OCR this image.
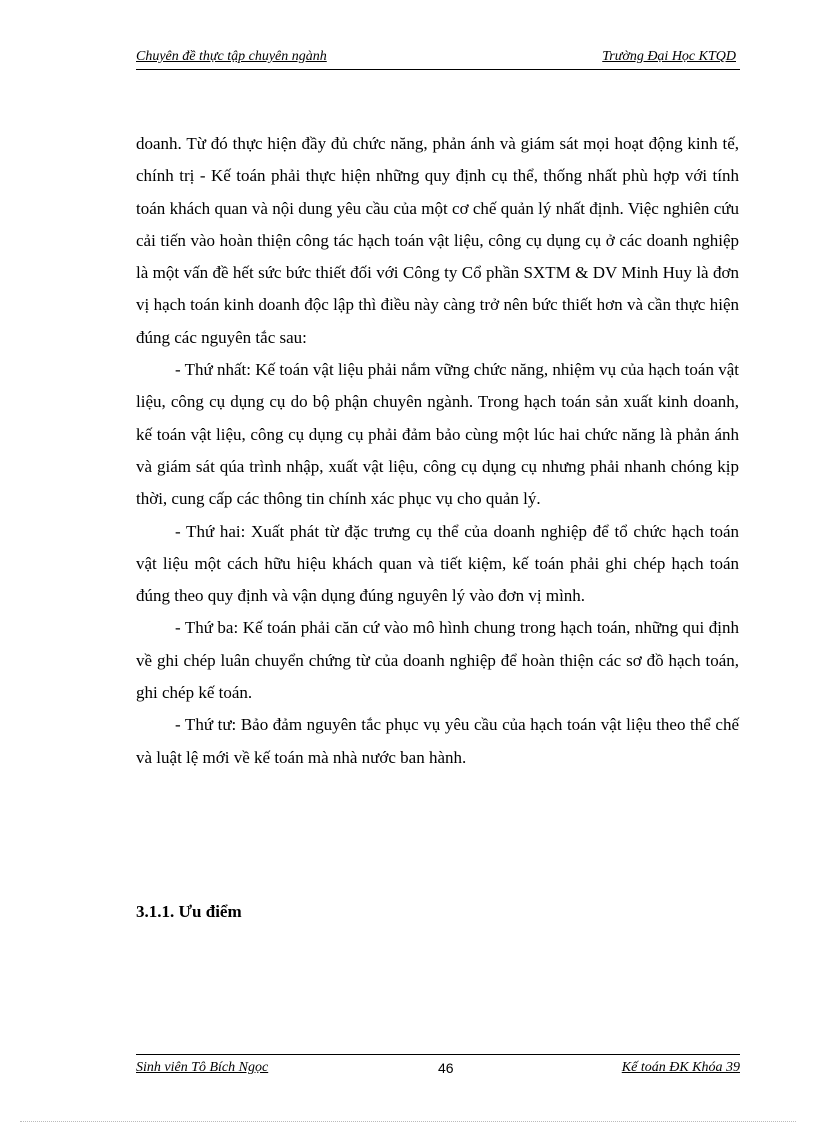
Chuyên đề thực tập chuyên ngành	Trường Đại Học KTQD

doanh. Từ đó thực hiện đầy đủ chức năng, phản ánh và giám sát mọi hoạt động kinh tế, chính trị - Kế toán phải thực hiện những quy định cụ thể, thống nhất phù hợp với tính toán khách quan và nội dung yêu cầu của một cơ chế quản lý nhất định. Việc nghiên cứu cải tiến vào hoàn thiện công tác hạch toán vật liệu, công cụ dụng cụ ở các doanh nghiệp là một vấn đề hết sức bức thiết đối với Công ty Cổ phần SXTM & DV Minh Huy là đơn vị hạch toán kinh doanh độc lập thì điều này càng trở nên bức thiết hơn và cần thực hiện đúng các nguyên tắc sau:

- Thứ nhất: Kế toán vật liệu phải nắm vững chức năng, nhiệm vụ của hạch toán vật liệu, công cụ dụng cụ do bộ phận chuyên ngành. Trong hạch toán sản xuất kinh doanh, kế toán vật liệu, công cụ dụng cụ phải đảm bảo cùng một lúc hai chức năng là phản ánh và giám sát qúa trình nhập, xuất vật liệu, công cụ dụng cụ nhưng phải nhanh chóng kịp thời, cung cấp các thông tin chính xác phục vụ cho quản lý.

- Thứ hai: Xuất phát từ đặc trưng cụ thể của doanh nghiệp để tổ chức hạch toán vật liệu một cách hữu hiệu khách quan và tiết kiệm, kế toán phải ghi chép hạch toán đúng theo quy định và vận dụng đúng nguyên lý vào đơn vị mình.

- Thứ ba: Kế toán phải căn cứ vào mô hình chung trong hạch toán, những qui định về ghi chép luân chuyển chứng từ của doanh nghiệp để hoàn thiện các sơ đồ hạch toán, ghi chép kế toán.

- Thứ tư: Bảo đảm nguyên tắc phục vụ yêu cầu của hạch toán vật liệu theo thể chế và luật lệ mới về kế toán mà nhà nước ban hành.

3.1.1. Ưu điểm
Sinh viên Tô Bích Ngọc	46	Kế toán ĐK Khóa 39
